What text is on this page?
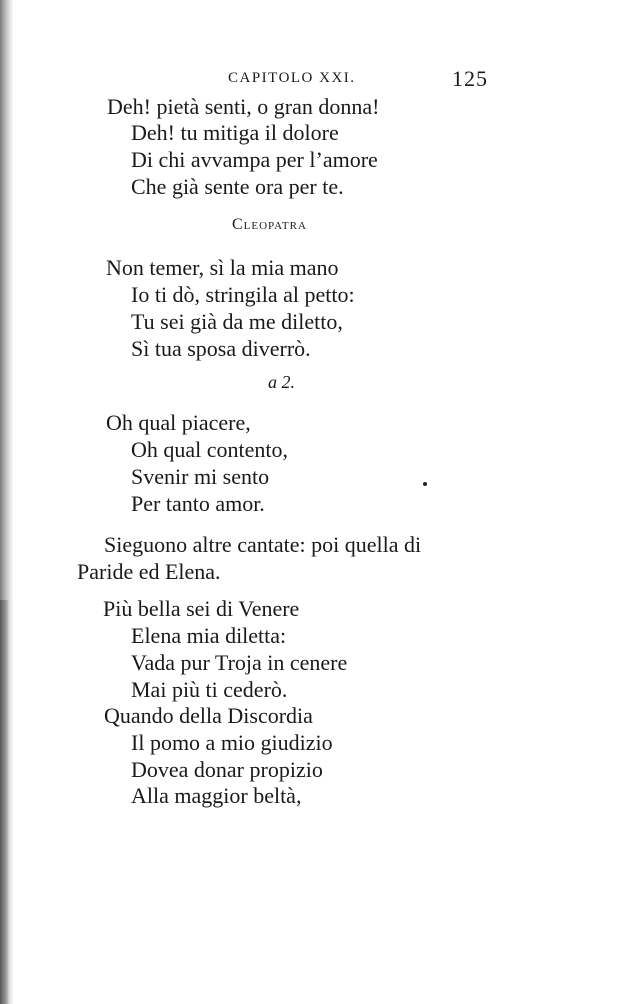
CAPITOLO XXI.	125
Deh! pietà senti, o gran donna!
Deh! tu mitiga il dolore
Di chi avvampa per l’amore
Che già sente ora per te.
Cleopatra
Non temer, sì la mia mano
Io ti dò, stringila al petto:
Tu sei già da me diletto,
Sì tua sposa diverrò.
a 2.
Oh qual piacere,
Oh qual contento,
Svenir mi sento
Per tanto amor.
Sieguono altre cantate: poi quella di
Paride ed Elena.
Più bella sei di Venere
Elena mia diletta:
Vada pur Troja in cenere
Mai più ti cederò.
Quando della Discordia
Il pomo a mio giudizio
Dovea donar propizio
Alla maggior beltà,
